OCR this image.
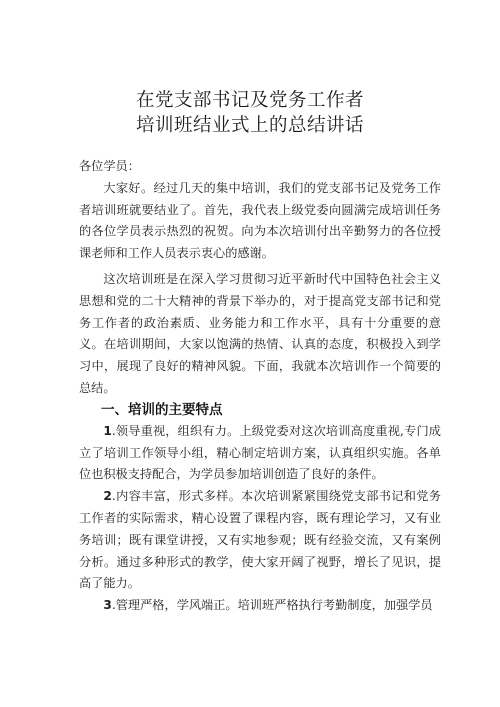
在党支部书记及党务工作者
培训班结业式上的总结讲话
各位学员：

大家好。经过几天的集中培训，我们的党支部书记及党务工作者培训班就要结业了。首先，我代表上级党委向圆满完成培训任务的各位学员表示热烈的祝贺。向为本次培训付出辛勤努力的各位授课老师和工作人员表示衷心的感谢。

这次培训班是在深入学习贯彻习近平新时代中国特色社会主义思想和党的二十大精神的背景下举办的，对于提高党支部书记和党务工作者的政治素质、业务能力和工作水平，具有十分重要的意义。在培训期间，大家以饱满的热情、认真的态度，积极投入到学习中，展现了良好的精神风貌。下面，我就本次培训作一个简要的总结。

一、培训的主要特点

1.领导重视，组织有力。上级党委对这次培训高度重视,专门成立了培训工作领导小组，精心制定培训方案，认真组织实施。各单位也积极支持配合，为学员参加培训创造了良好的条件。

2.内容丰富，形式多样。本次培训紧紧围绕党支部书记和党务工作者的实际需求，精心设置了课程内容，既有理论学习，又有业务培训；既有课堂讲授，又有实地参观；既有经验交流，又有案例分析。通过多种形式的教学，使大家开阔了视野，增长了见识，提高了能力。

3.管理严格，学风端正。培训班严格执行考勤制度，加强学员
